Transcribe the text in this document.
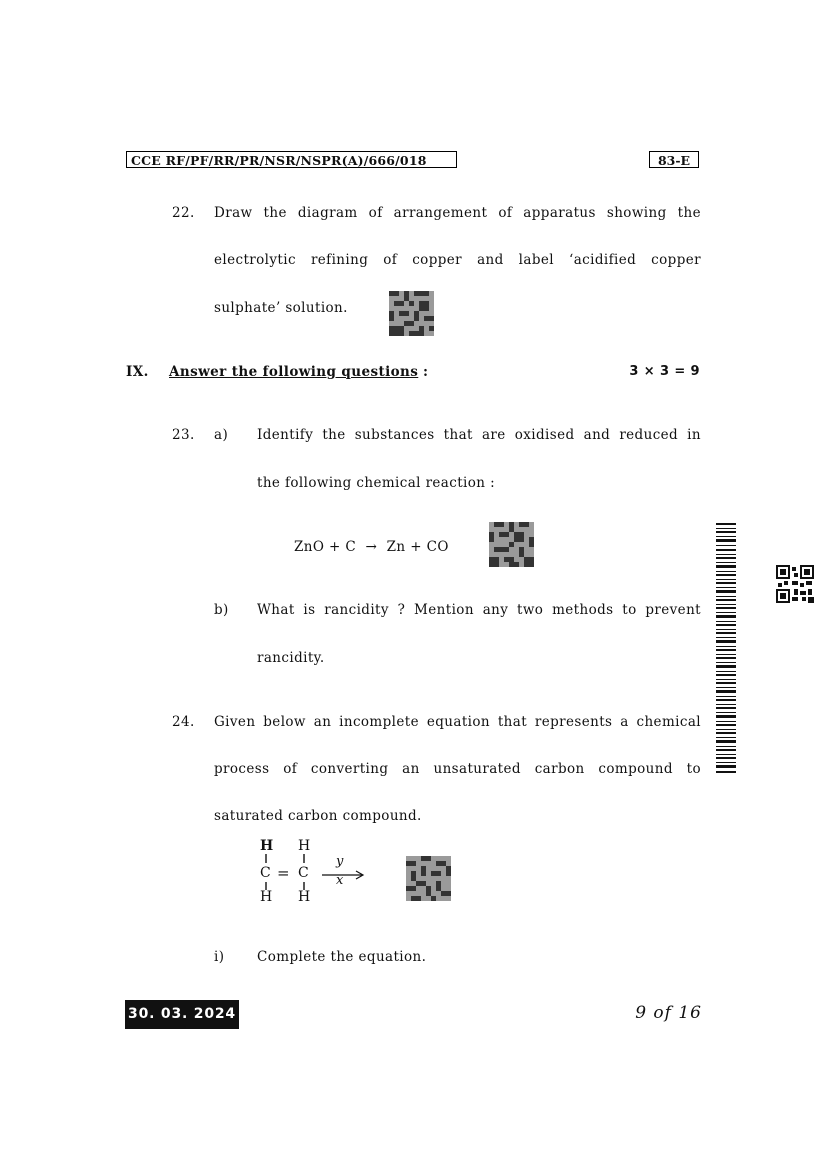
CCE RF/PF/RR/PR/NSR/NSPR(A)/666/018	83-E
22. Draw the diagram of arrangement of apparatus showing the
electrolytic refining of copper and label ‘acidified copper
sulphate’ solution.
IX. Answer the following questions :	3 × 3 = 9
23. a) Identify the substances that are oxidised and reduced in
the following chemical reaction :
ZnO + C  →  Zn + CO
b) What is rancidity ? Mention any two methods to prevent
rancidity.
24. Given below an incomplete equation that represents a chemical
process of converting an unsaturated carbon compound to
saturated carbon compound.
H H
C = C
H H
y
x
i) Complete the equation.
30. 03. 2024	9 of 16
